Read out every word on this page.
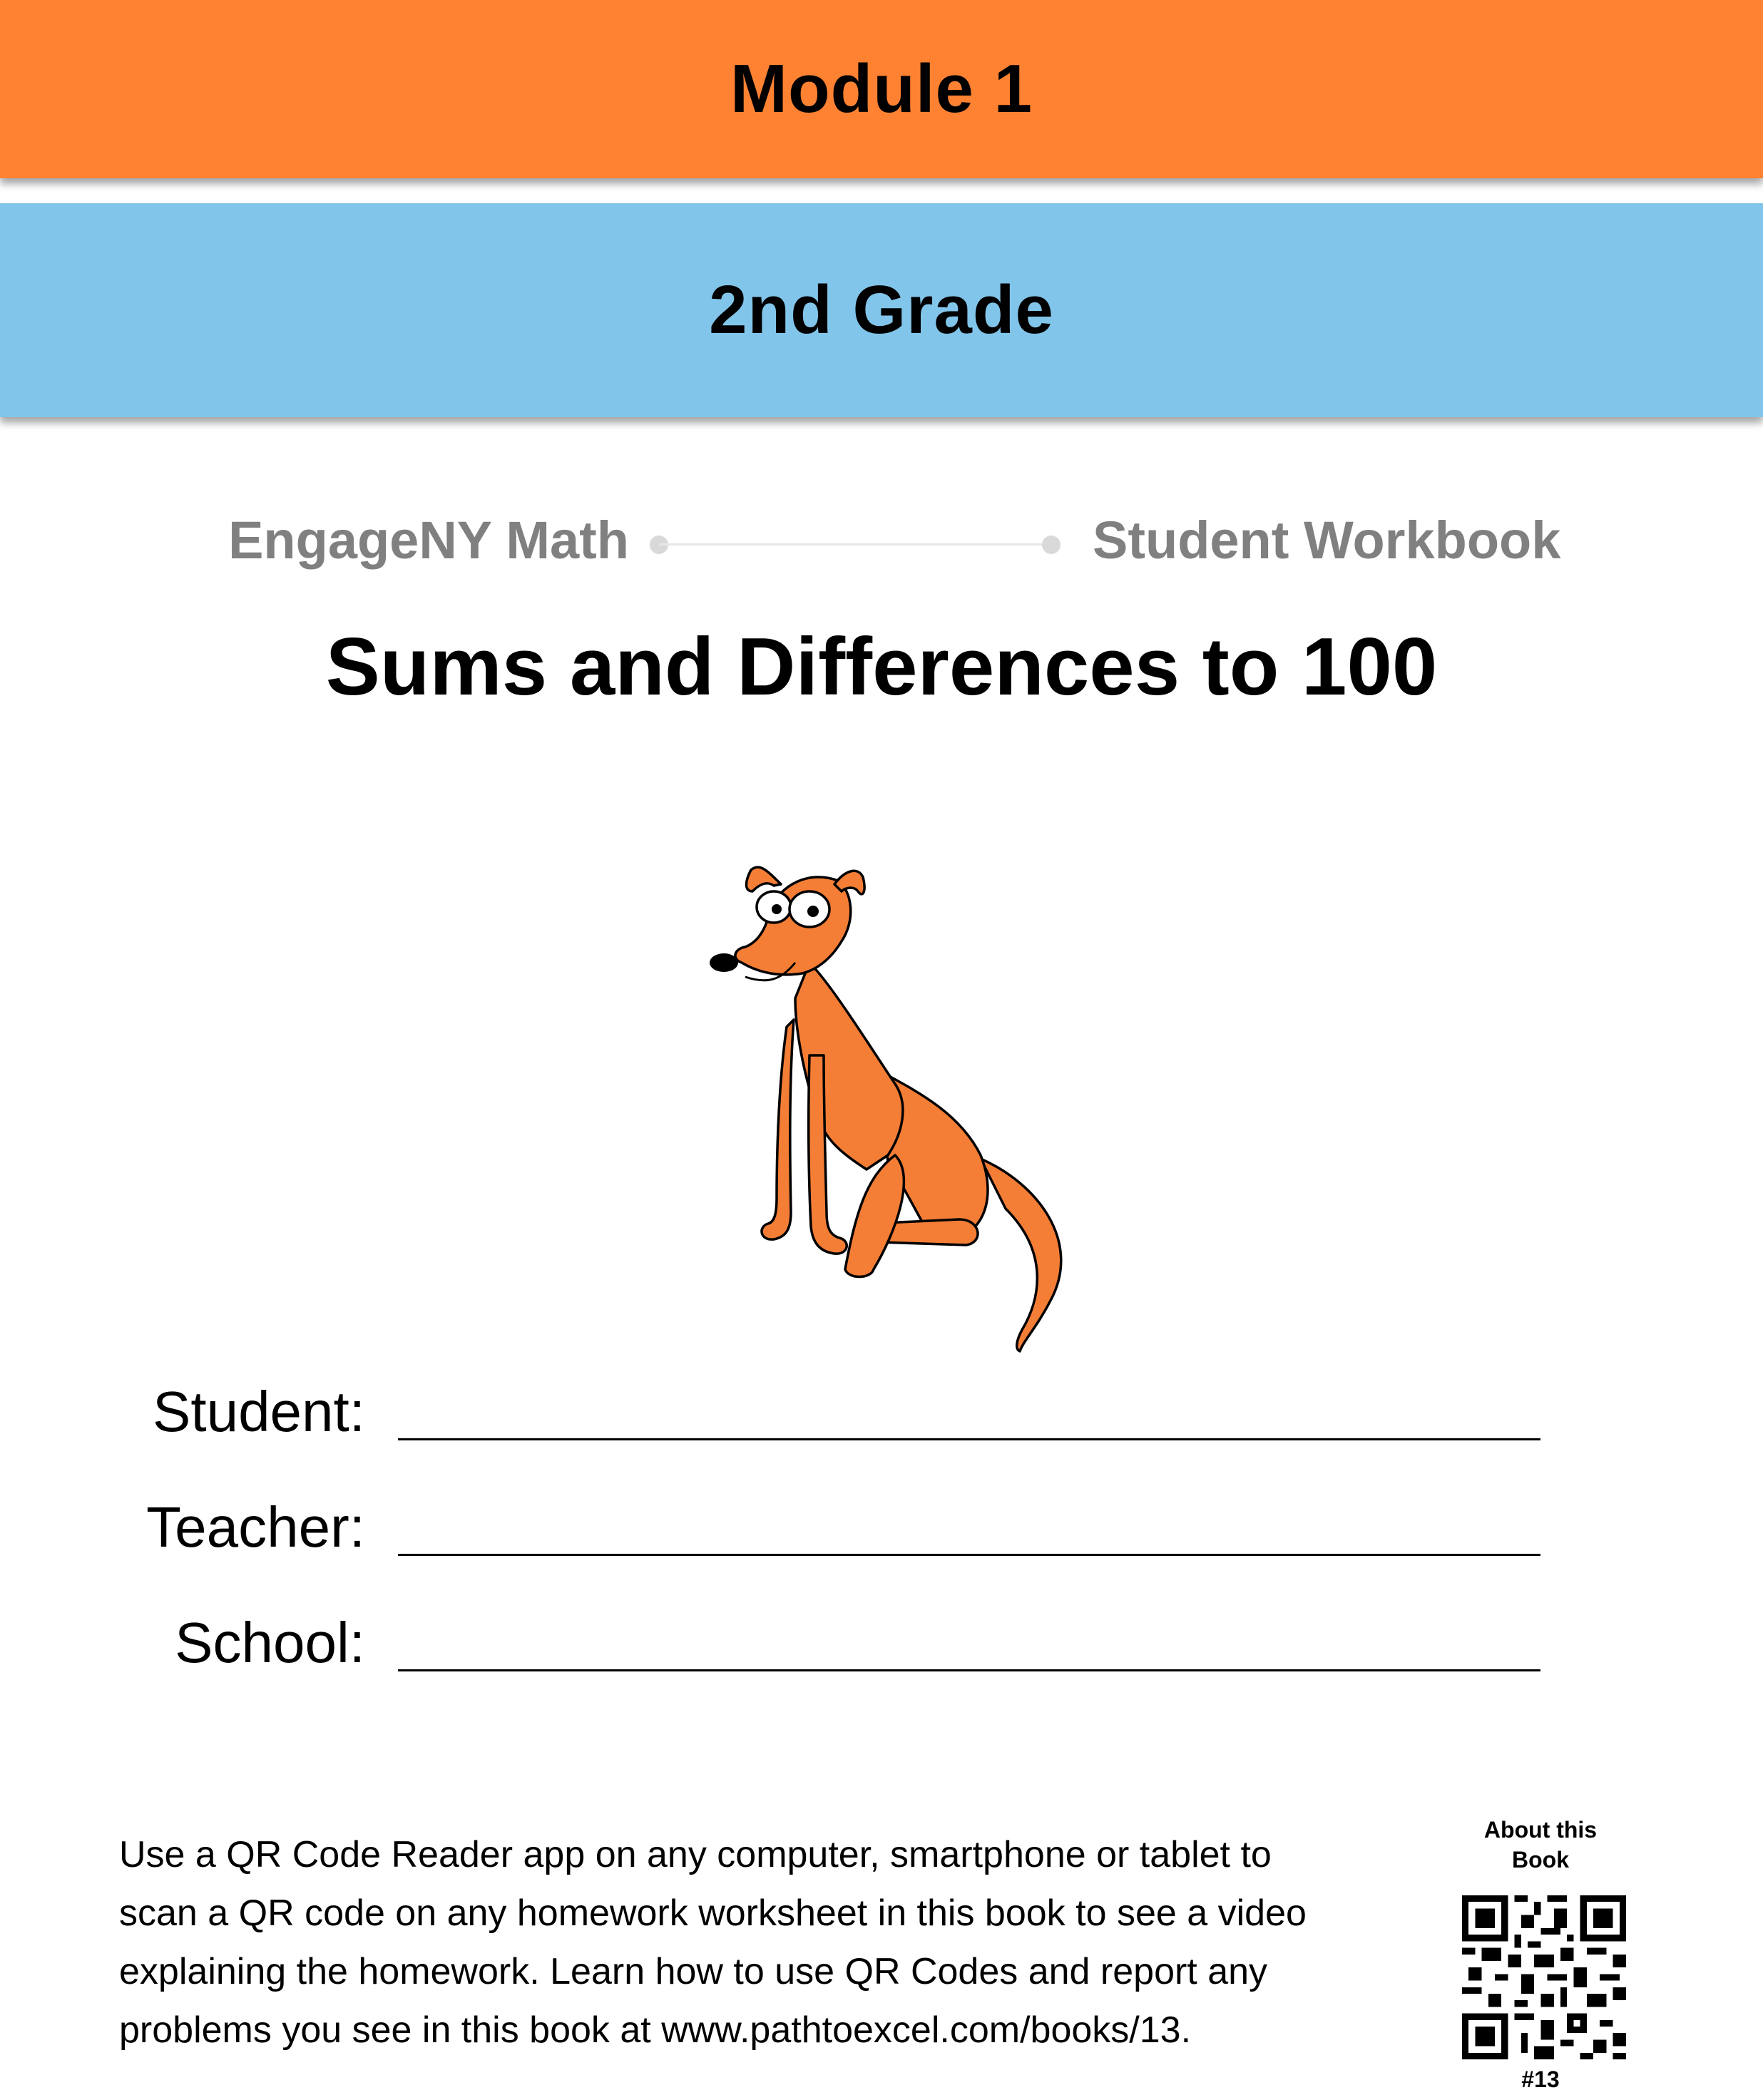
Module 1
2nd Grade
EngageNY Math	Student Workbook
Sums and Differences to 100
Student:
Teacher:
School:

Use a QR Code Reader app on any computer, smartphone or tablet to

scan a QR code on any homework worksheet in this book to see a video

explaining the homework. Learn how to use QR Codes and report any

problems you see in this book at www.pathtoexcel.com/books/13.

About this
Book
#13
